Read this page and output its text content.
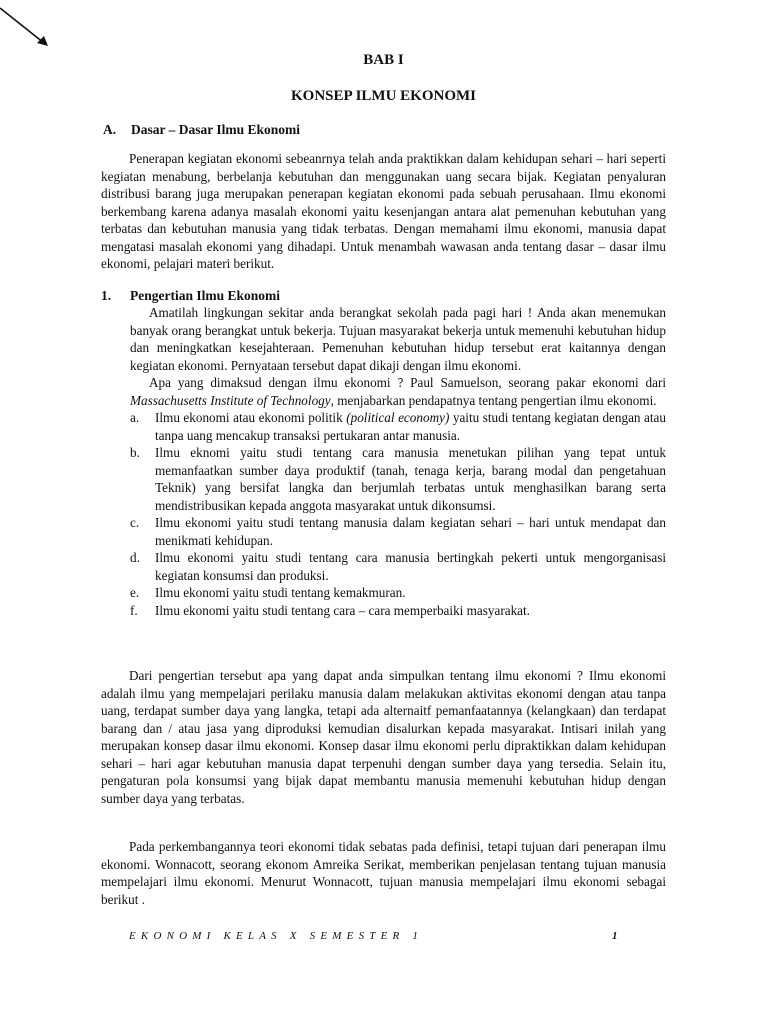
BAB I
KONSEP ILMU EKONOMI
A. Dasar – Dasar Ilmu Ekonomi

Penerapan kegiatan ekonomi sebeanrnya telah anda praktikkan dalam kehidupan sehari – hari seperti kegiatan menabung, berbelanja kebutuhan dan menggunakan uang secara bijak. Kegiatan penyaluran distribusi barang juga merupakan penerapan kegiatan ekonomi pada sebuah perusahaan. Ilmu ekonomi berkembang karena adanya masalah ekonomi yaitu kesenjangan antara alat pemenuhan kebutuhan yang terbatas dan kebutuhan manusia yang tidak terbatas. Dengan memahami ilmu ekonomi, manusia dapat mengatasi masalah ekonomi yang dihadapi. Untuk menambah wawasan anda tentang dasar – dasar ilmu ekonomi, pelajari materi berikut.

1. Pengertian Ilmu Ekonomi

Amatilah lingkungan sekitar anda berangkat sekolah pada pagi hari ! Anda akan menemukan banyak orang berangkat untuk bekerja. Tujuan masyarakat bekerja untuk memenuhi kebutuhan hidup dan meningkatkan kesejahteraan. Pemenuhan kebutuhan hidup tersebut erat kaitannya dengan kegiatan ekonomi. Pernyataan tersebut dapat dikaji dengan ilmu ekonomi.

Apa yang dimaksud dengan ilmu ekonomi ? Paul Samuelson, seorang pakar ekonomi dari Massachusetts Institute of Technology, menjabarkan pendapatnya tentang pengertian ilmu ekonomi.

a. Ilmu ekonomi atau ekonomi politik (political economy) yaitu studi tentang kegiatan dengan atau tanpa uang mencakup transaksi pertukaran antar manusia.
b. Ilmu eknomi yaitu studi tentang cara manusia menetukan pilihan yang tepat untuk memanfaatkan sumber daya produktif (tanah, tenaga kerja, barang modal dan pengetahuan Teknik) yang bersifat langka dan berjumlah terbatas untuk menghasilkan barang serta mendistribusikan kepada anggota masyarakat untuk dikonsumsi.
c. Ilmu ekonomi yaitu studi tentang manusia dalam kegiatan sehari – hari untuk mendapat dan menikmati kehidupan.
d. Ilmu ekonomi yaitu studi tentang cara manusia bertingkah pekerti untuk mengorganisasi kegiatan konsumsi dan produksi.
e. Ilmu ekonomi yaitu studi tentang kemakmuran.
f. Ilmu ekonomi yaitu studi tentang cara – cara memperbaiki masyarakat.

Dari pengertian tersebut apa yang dapat anda simpulkan tentang ilmu ekonomi ? Ilmu ekonomi adalah ilmu yang mempelajari perilaku manusia dalam melakukan aktivitas ekonomi dengan atau tanpa uang, terdapat sumber daya yang langka, tetapi ada alternaitf pemanfaatannya (kelangkaan) dan terdapat barang dan / atau jasa yang diproduksi kemudian disalurkan kepada masyarakat. Intisari inilah yang merupakan konsep dasar ilmu ekonomi. Konsep dasar ilmu ekonomi perlu dipraktikkan dalam kehidupan sehari – hari agar kebutuhan manusia dapat terpenuhi dengan sumber daya yang tersedia. Selain itu, pengaturan pola konsumsi yang bijak dapat membantu manusia memenuhi kebutuhan hidup dengan sumber daya yang terbatas.

Pada perkembangannya teori ekonomi tidak sebatas pada definisi, tetapi tujuan dari penerapan ilmu ekonomi. Wonnacott, seorang ekonom Amreika Serikat, memberikan penjelasan tentang tujuan manusia mempelajari ilmu ekonomi. Menurut Wonnacott, tujuan manusia mempelajari ilmu ekonomi sebagai berikut .

EKONOMI KELAS X SEMESTER 1	1
